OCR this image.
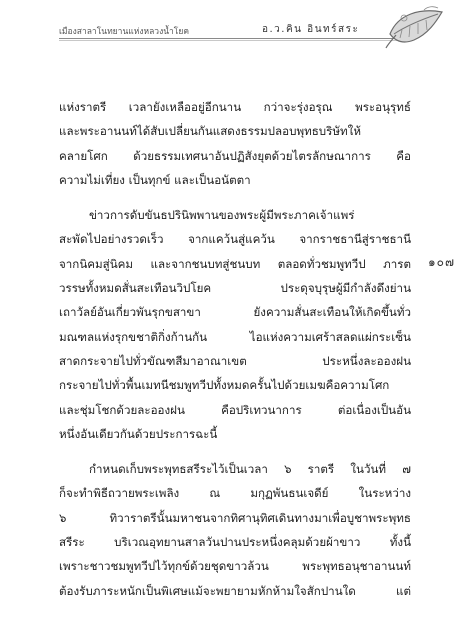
เมืองสาลาโนทยานแห่งหลวงน้ำโยค	อ.ว.คิน อินทร์สระ
๑๐๗

แห่งราตรี เวลายังเหลืออยู่อีกนาน กว่าจะรุ่งอรุณ พระอนุรุทธ์
และพระอานนท์ได้สับเปลี่ยนกันแสดงธรรมปลอบพุทธบริษัทให้
คลายโศก ด้วยธรรมเทศนาอันปฏิสังยุตด้วยไตรลักษณาการ คือ
ความไม่เที่ยง เป็นทุกข์ และเป็นอนัตตา

ข่าวการดับขันธปรินิพพานของพระผู้มีพระภาคเจ้าแพร่
สะพัดไปอย่างรวดเร็ว จากแคว้นสู่แคว้น จากราชธานีสู่ราชธานี
จากนิคมสู่นิคม และจากชนบทสู่ชนบท ตลอดทั่วชมพูทวีป ภารต
วรรษทั้งหมดสั่นสะเทือนวิปโยค ประดุจบุรุษผู้มีกำลังดึงย่าน
เถาวัลย์อันเกี่ยวพันรุกขสาขา ยังความสั่นสะเทือนให้เกิดขึ้นทั่ว
มณฑลแห่งรุกขชาติกิ่งก้านกัน ไอแห่งความเศร้าสลดแผ่กระเซ็น
สาดกระจายไปทั่วขัณฑสีมาอาณาเขต ประหนึ่งละอองฝน
กระจายไปทั่วพื้นเมทนีชมพูทวีปทั้งหมดครั้นไปด้วยเมฆคือความโศก
และชุ่มโชกด้วยละอองฝน คือปริเทวนาการ ต่อเนื่องเป็นอัน
หนึ่งอันเดียวกันด้วยประการฉะนี้

กำหนดเก็บพระพุทธสรีระไว้เป็นเวลา ๖ ราตรี ในวันที่ ๗
ก็จะทำพิธีถวายพระเพลิง ณ มกุฏพันธนเจดีย์ ในระหว่าง
๖ ทิวาราตรีนั้นมหาชนจากทิศานุทิศเดินทางมาเพื่อบูชาพระพุทธ
สรีระ บริเวณอุทยานสาลวันปานประหนึ่งคลุมด้วยผ้าขาว ทั้งนี้
เพราะชาวชมพูทวีปไว้ทุกข์ด้วยชุดขาวล้วน พระพุทธอนุชาอานนท์
ต้องรับภาระหนักเป็นพิเศษแม้จะพยายามหักห้ามใจสักปานใด แต่
